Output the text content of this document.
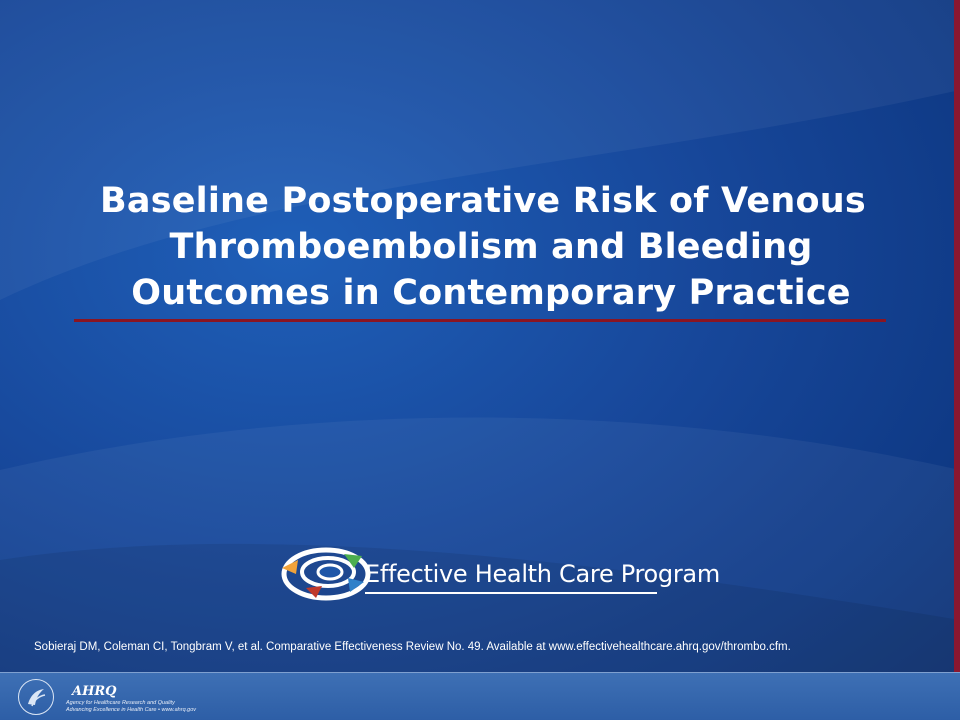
Baseline Postoperative Risk of Venous
Thromboembolism and Bleeding
Outcomes in Contemporary Practice
Effective Health Care Program
Sobieraj DM, Coleman CI, Tongbram V, et al. Comparative Effectiveness Review No. 49. Available at www.effectivehealthcare.ahrq.gov/thrombo.cfm.
AHRQ
Agency for Healthcare Research and Quality
Advancing Excellence in Health Care • www.ahrq.gov
